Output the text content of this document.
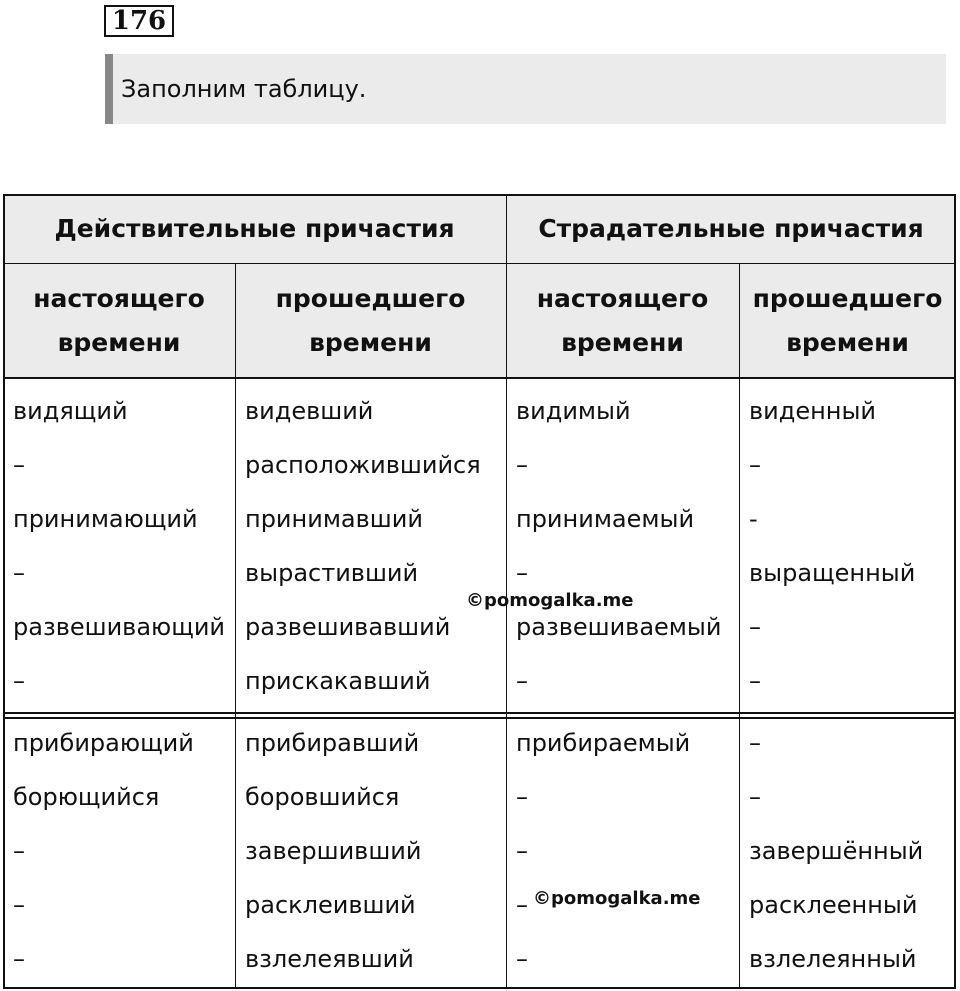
176
Заполним таблицу.
Действительные причастия	Страдательные причастия
настоящего времени
прошедшего времени
настоящего времени
прошедшего времени
видящий
–
принимающий
–
развешивающий
–
видевший
расположившийся
принимавший
вырастивший
развешивавший
прискакавший
видимый
–
принимаемый
–
развешиваемый
–
виденный
–
-
выращенный
–
–
прибирающий
борющийся
–
–
–
прибиравший
боровшийся
завершивший
расклеивший
взлелеявший
прибираемый
–
–
–
–
–
–
завершённый
расклеенный
взлелеянный
©pomogalka.me
©pomogalka.me
